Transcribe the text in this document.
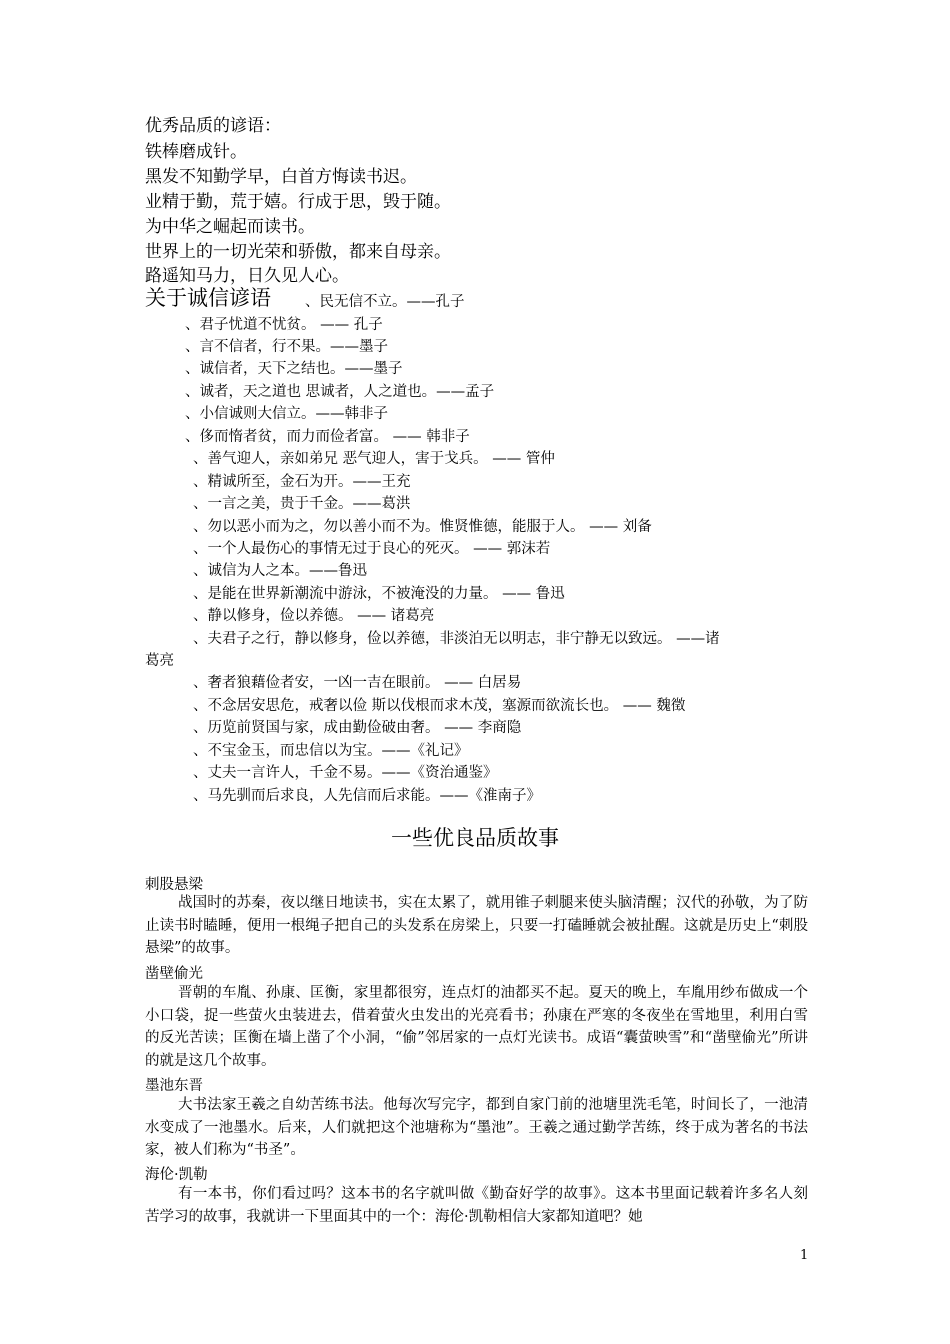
优秀品质的谚语：
铁棒磨成针。
黑发不知勤学早，白首方悔读书迟。
业精于勤，荒于嬉。行成于思，毁于随。
为中华之崛起而读书。
世界上的一切光荣和骄傲，都来自母亲。
路遥知马力，日久见人心。
关于诚信谚语 、民无信不立。——孔子
、君子忧道不忧贫。 —— 孔子
、言不信者，行不果。——墨子
、诚信者，天下之结也。——墨子
、诚者，天之道也 思诚者，人之道也。——孟子
、小信诚则大信立。——韩非子
、侈而惰者贫，而力而俭者富。 —— 韩非子
、善气迎人，亲如弟兄 恶气迎人，害于戈兵。 —— 管仲
、精诚所至，金石为开。——王充
、一言之美，贵于千金。——葛洪
、勿以恶小而为之，勿以善小而不为。惟贤惟德，能服于人。 —— 刘备
、一个人最伤心的事情无过于良心的死灭。 —— 郭沫若
、诚信为人之本。——鲁迅
、是能在世界新潮流中游泳，不被淹没的力量。 —— 鲁迅
、静以修身，俭以养德。 —— 诸葛亮
、夫君子之行，静以修身，俭以养德，非淡泊无以明志，非宁静无以致远。 ——诸
葛亮
、奢者狼藉俭者安，一凶一吉在眼前。 —— 白居易
、不念居安思危，戒奢以俭 斯以伐根而求木茂，塞源而欲流长也。 —— 魏徵
、历览前贤国与家，成由勤俭破由奢。 —— 李商隐
、不宝金玉，而忠信以为宝。——《礼记》
、丈夫一言许人，千金不易。——《资治通鉴》
、马先驯而后求良，人先信而后求能。——《淮南子》
一些优良品质故事
刺股悬梁
战国时的苏秦，夜以继日地读书，实在太累了，就用锥子刺腿来使头脑清醒；汉代的孙敬，为了防止读书时瞌睡，便用一根绳子把自己的头发系在房梁上，只要一打磕睡就会被扯醒。这就是历史上“刺股悬梁”的故事。
凿壁偷光
晋朝的车胤、孙康、匡衡，家里都很穷，连点灯的油都买不起。夏天的晚上，车胤用纱布做成一个小口袋，捉一些萤火虫装进去，借着萤火虫发出的光亮看书；孙康在严寒的冬夜坐在雪地里，利用白雪的反光苦读；匡衡在墙上凿了个小洞，“偷”邻居家的一点灯光读书。成语“囊萤映雪”和“凿壁偷光”所讲的就是这几个故事。
墨池东晋
大书法家王羲之自幼苦练书法。他每次写完字，都到自家门前的池塘里洗毛笔，时间长了，一池清水变成了一池墨水。后来，人们就把这个池塘称为“墨池”。王羲之通过勤学苦练，终于成为著名的书法家，被人们称为“书圣”。
海伦·凯勒
有一本书，你们看过吗？这本书的名字就叫做《勤奋好学的故事》。这本书里面记载着许多名人刻苦学习的故事，我就讲一下里面其中的一个：海伦·凯勒相信大家都知道吧？她
1
